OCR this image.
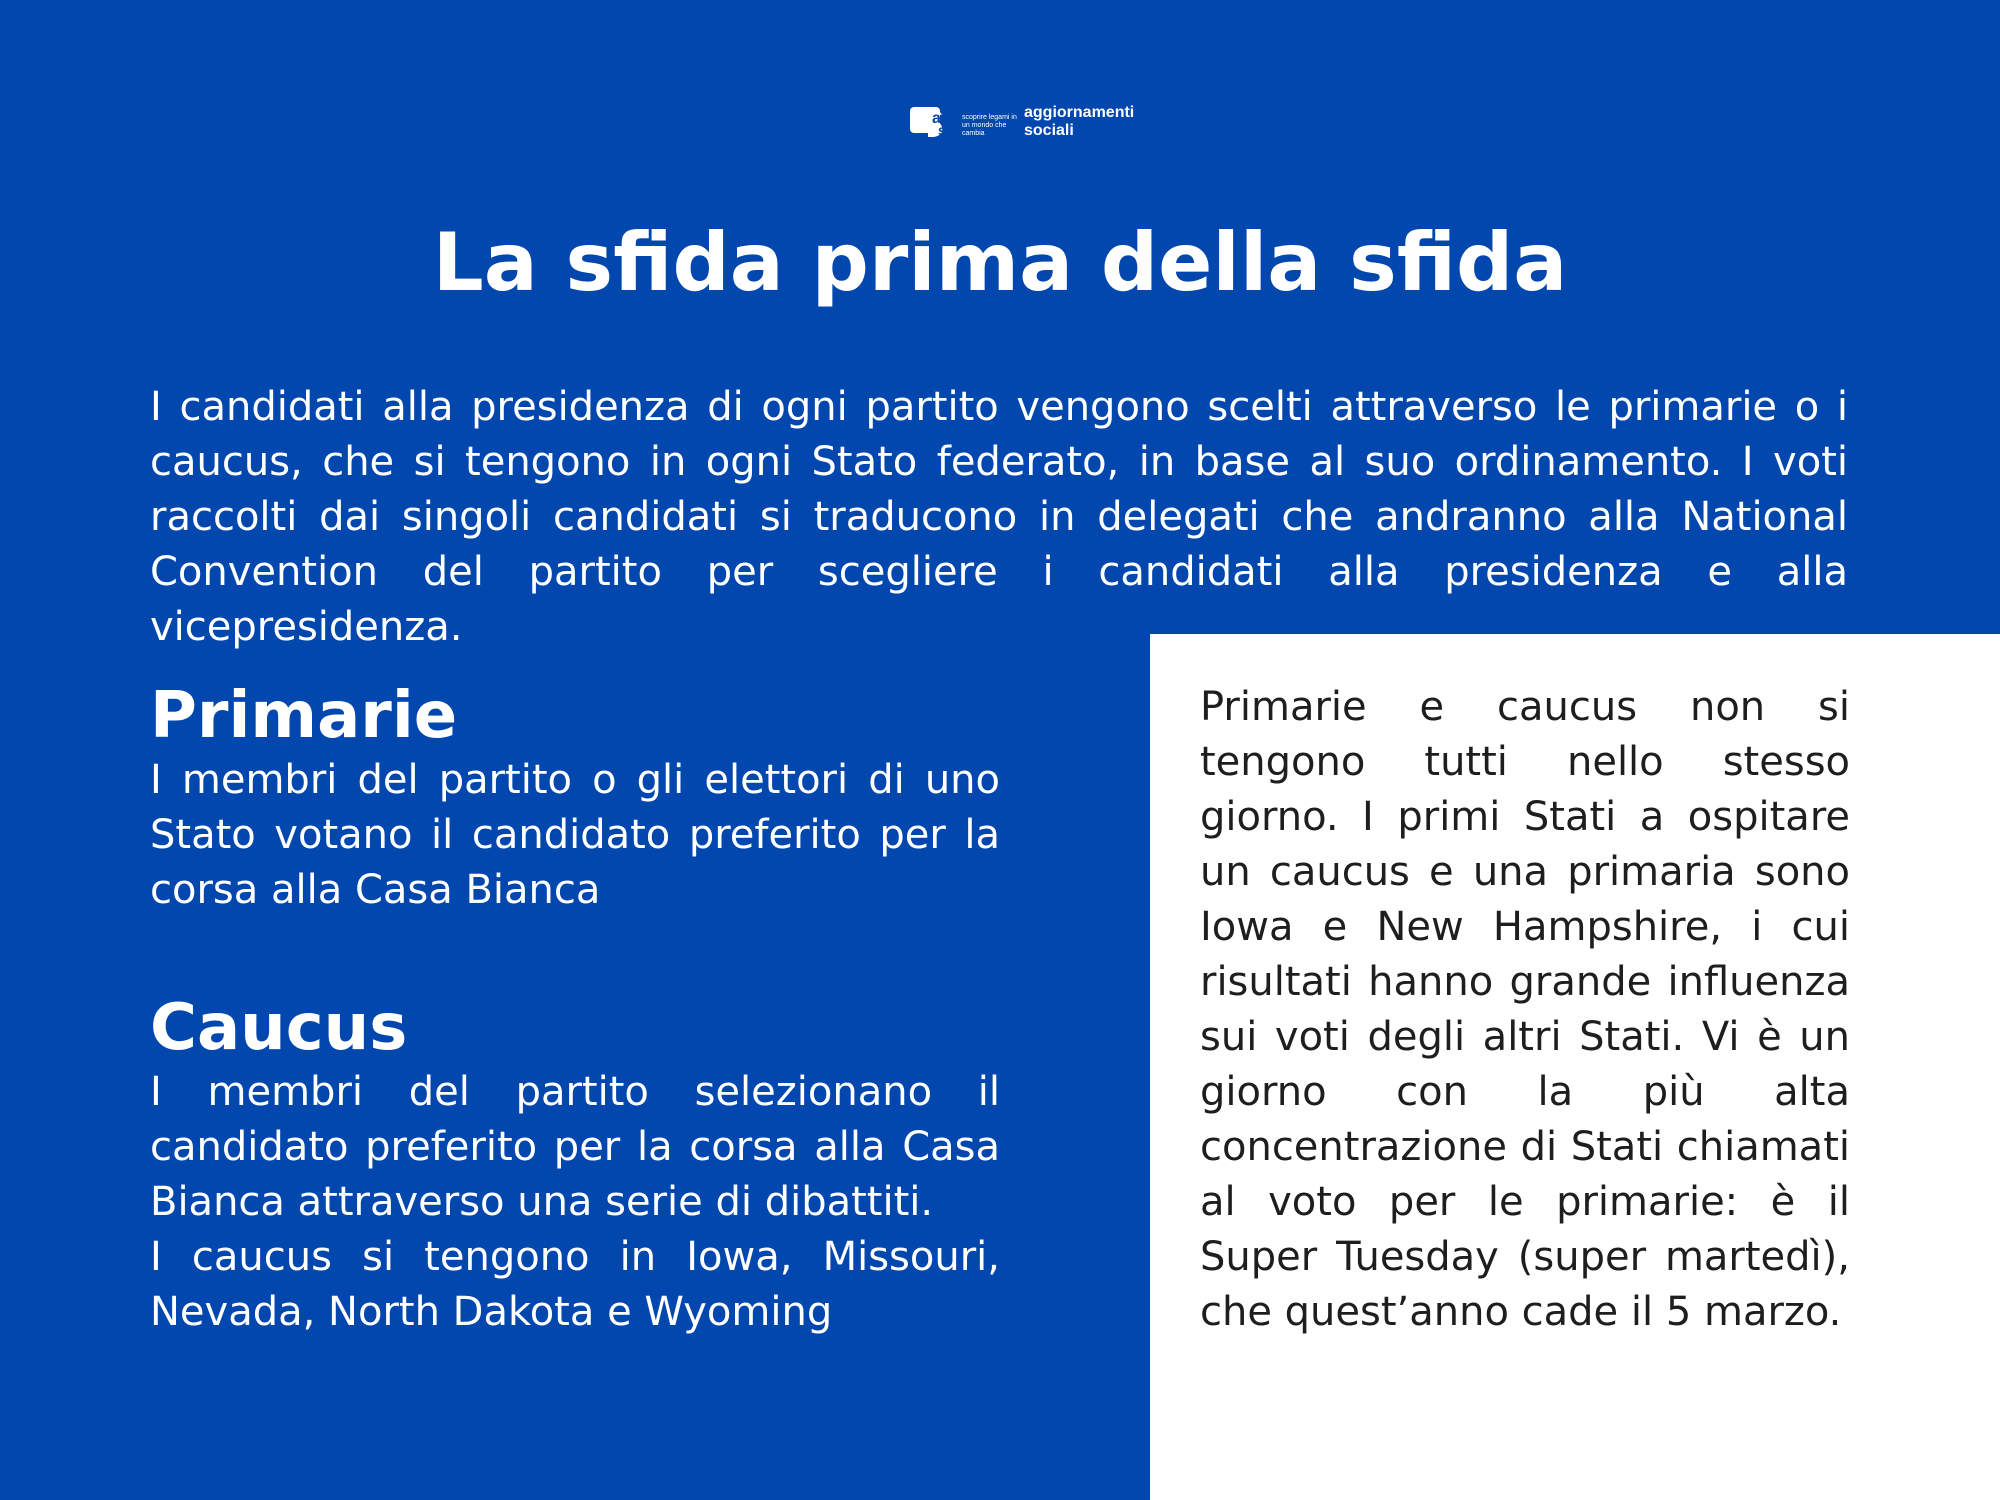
a
s
scoprire legami in un mondo che cambia
aggiornamenti
sociali
La sfida prima della sfida

I candidati alla presidenza di ogni partito vengono scelti attraverso le primarie o i caucus, che si tengono in ogni Stato federato, in base al suo ordinamento. I voti raccolti dai singoli candidati si traducono in delegati che andranno alla National Convention del partito per scegliere i candidati alla presidenza e alla vicepresidenza.

Primarie

I membri del partito o gli elettori di uno Stato votano il candidato preferito per la corsa alla Casa Bianca

Caucus

I membri del partito selezionano il candidato preferito per la corsa alla Casa Bianca attraverso una serie di dibattiti.

I caucus si tengono in Iowa, Missouri, Nevada, North Dakota e Wyoming

Primarie e caucus non si tengono tutti nello stesso giorno. I primi Stati a ospitare un caucus e una primaria sono Iowa e New Hampshire, i cui risultati hanno grande influenza sui voti degli altri Stati. Vi è un giorno con la più alta concentrazione di Stati chiamati al voto per le primarie: è il Super Tuesday (super martedì), che quest’anno cade il 5 marzo.
